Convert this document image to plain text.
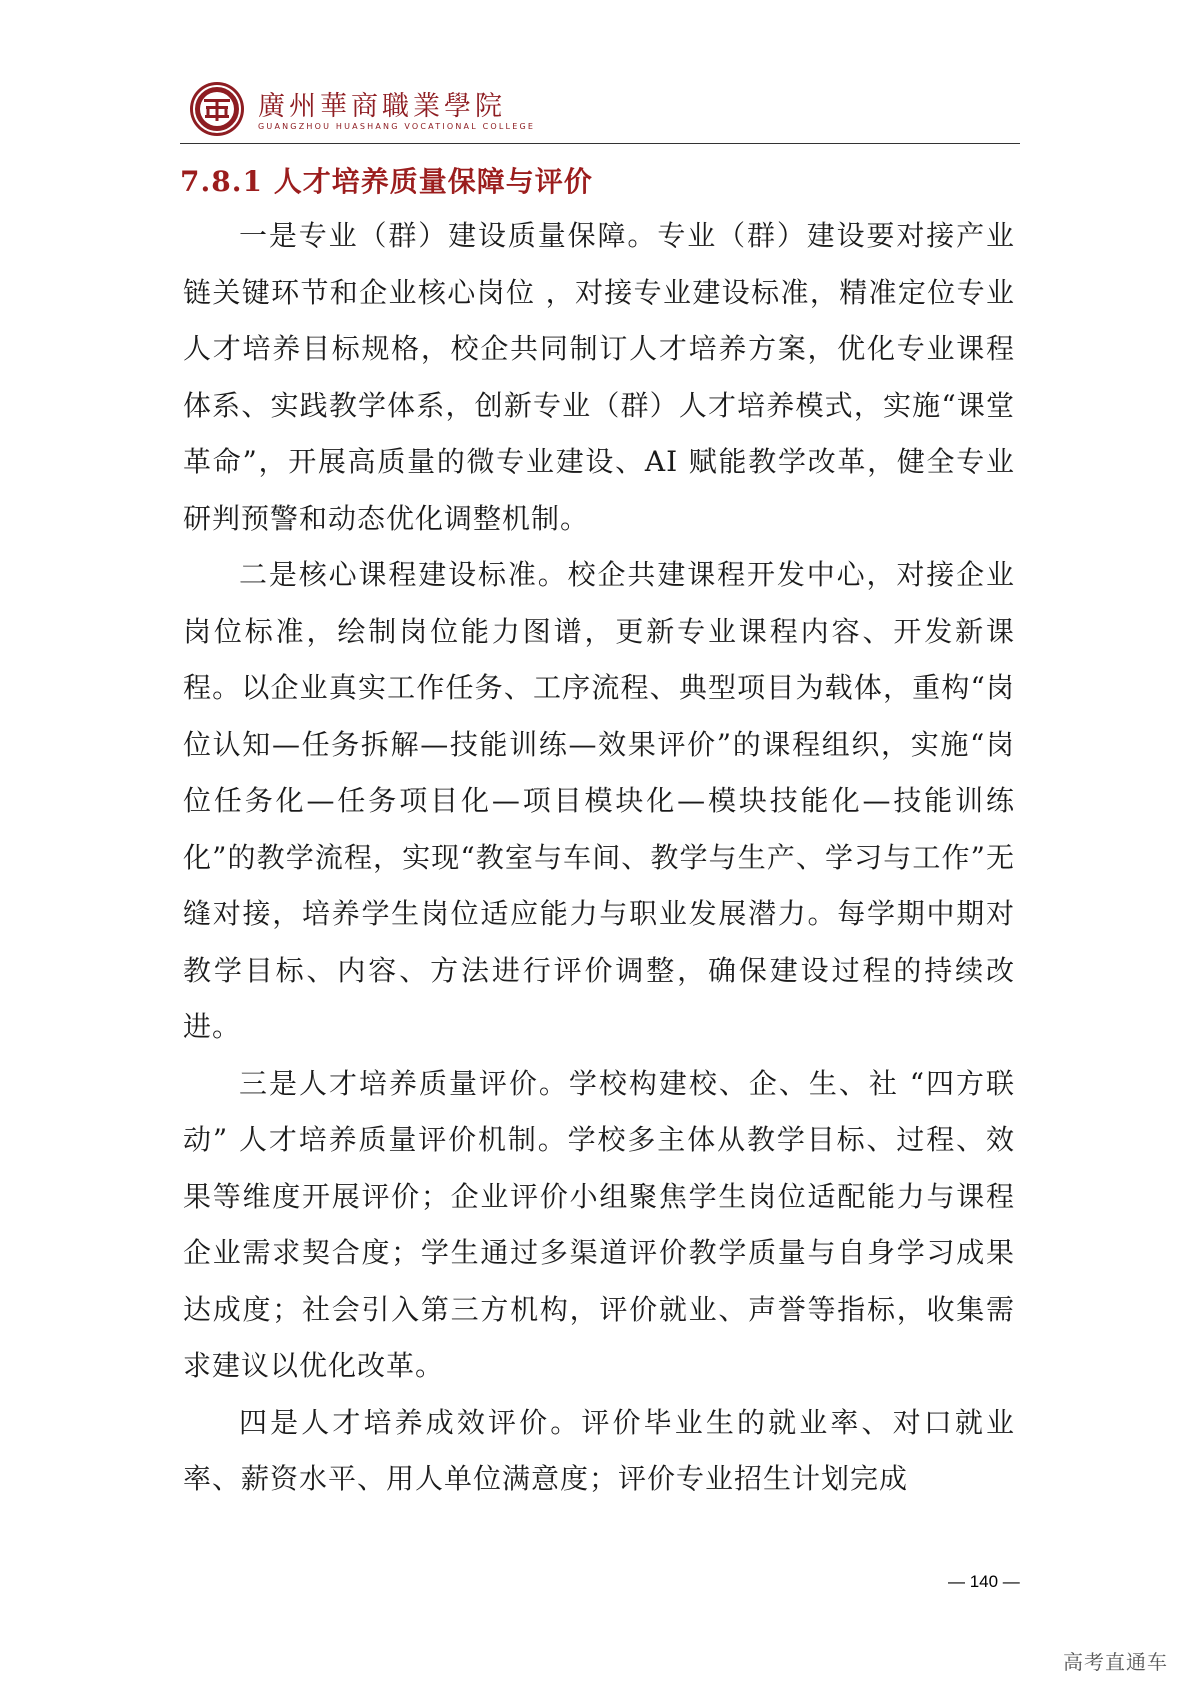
廣州華商職業學院
GUANGZHOU HUASHANG VOCATIONAL COLLEGE
7.8.1 人才培养质量保障与评价

一是专业（群）建设质量保障。专业（群）建设要对接产业链关键环节和企业核心岗位 ，对接专业建设标准，精准定位专业人才培养目标规格，校企共同制订人才培养方案，优化专业课程体系、实践教学体系，创新专业（群）人才培养模式，实施“课堂革命”，开展高质量的微专业建设、AI 赋能教学改革，健全专业研判预警和动态优化调整机制。

二是核心课程建设标准。校企共建课程开发中心，对接企业岗位标准，绘制岗位能力图谱，更新专业课程内容、开发新课程。以企业真实工作任务、工序流程、典型项目为载体，重构“岗位认知—任务拆解—技能训练—效果评价”的课程组织，实施“岗位任务化—任务项目化—项目模块化—模块技能化—技能训练化”的教学流程，实现“教室与车间、教学与生产、学习与工作”无缝对接，培养学生岗位适应能力与职业发展潜力。每学期中期对教学目标、内容、方法进行评价调整，确保建设过程的持续改进。

三是人才培养质量评价。学校构建校、企、生、社 “四方联动” 人才培养质量评价机制。学校多主体从教学目标、过程、效果等维度开展评价；企业评价小组聚焦学生岗位适配能力与课程企业需求契合度；学生通过多渠道评价教学质量与自身学习成果达成度；社会引入第三方机构，评价就业、声誉等指标，收集需求建议以优化改革。

四是人才培养成效评价。评价毕业生的就业率、对口就业率、薪资水平、用人单位满意度；评价专业招生计划完成

— 140 —
高考直通车
